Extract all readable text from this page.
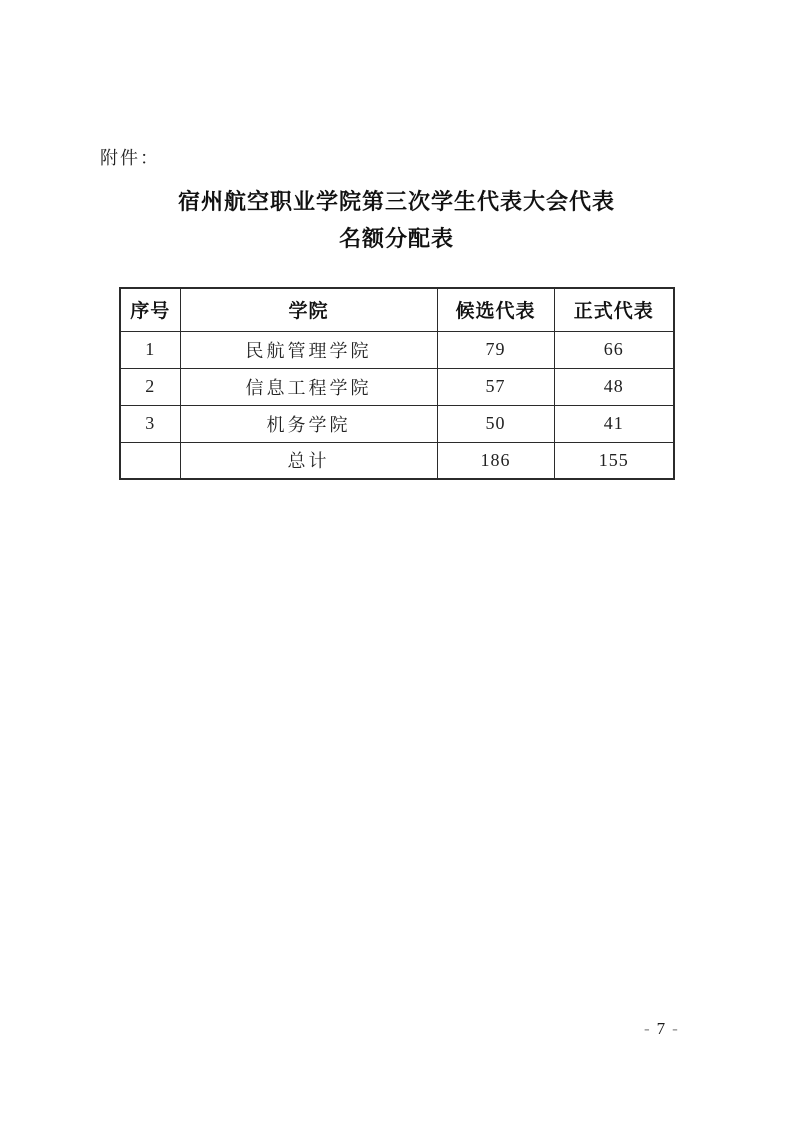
附件：
宿州航空职业学院第三次学生代表大会代表
名额分配表
序号	学院	候选代表	正式代表
1	民航管理学院	79	66
2	信息工程学院	57	48
3	机务学院	50	41
	总计	186	155
- 7 -
